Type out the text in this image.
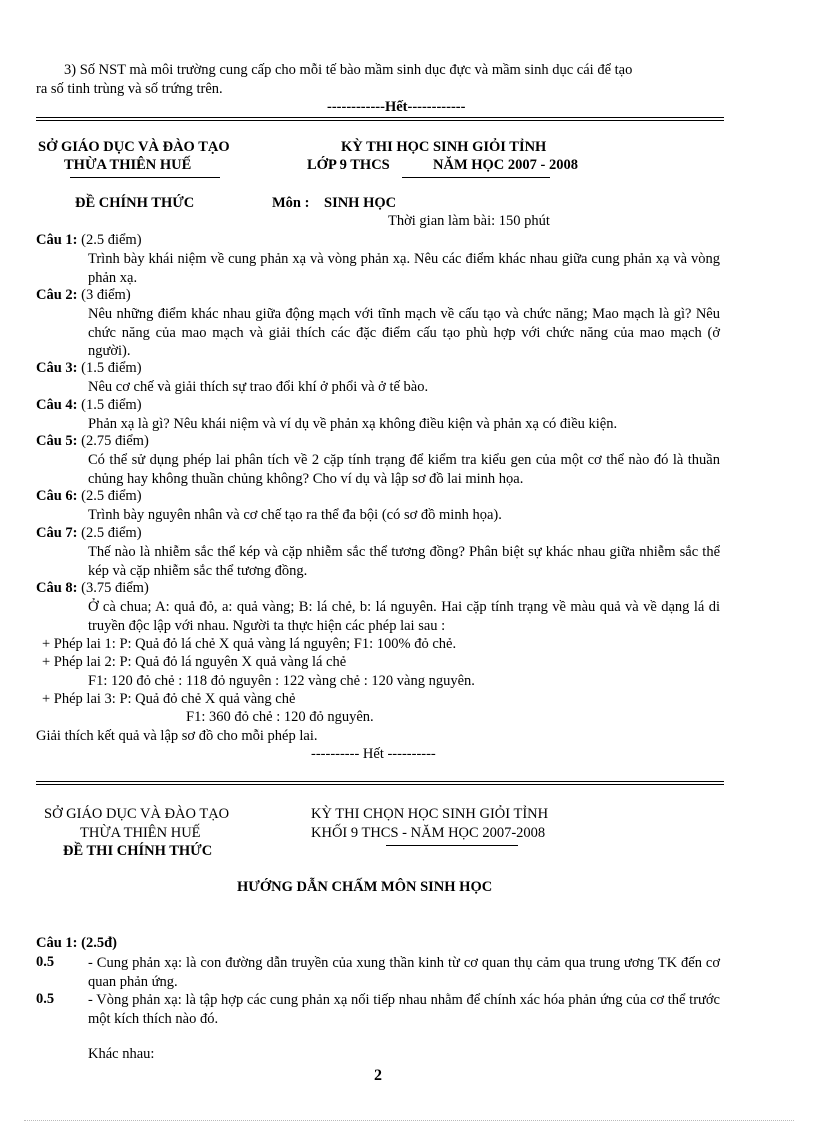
3) Số NST mà môi trường cung cấp cho mỗi tế bào mầm sinh dục đực và mầm sinh dục cái để tạo
ra số tinh trùng và số trứng trên.
------------Hết------------
SỞ GIÁO DỤC VÀ ĐÀO TẠO
THỪA THIÊN HUẾ
KỲ THI HỌC SINH GIỎI TỈNH
LỚP 9 THCS	NĂM HỌC 2007 - 2008
ĐỀ CHÍNH THỨC	Môn : SINH HỌC
Thời gian làm bài: 150 phút
Câu 1: (2.5 điểm)
Trình bày khái niệm về cung phản xạ và vòng phản xạ. Nêu các điểm khác nhau giữa cung phản xạ và vòng phản xạ.
Câu 2: (3 điểm)
Nêu những điểm khác nhau giữa động mạch với tĩnh mạch về cấu tạo và chức năng; Mao mạch là gì? Nêu chức năng của mao mạch và giải thích các đặc điểm cấu tạo phù hợp với chức năng của mao mạch (ở người).
Câu 3: (1.5 điểm)
Nêu cơ chế và giải thích sự trao đổi khí ở phổi và ở tế bào.
Câu 4: (1.5 điểm)
Phản xạ là gì? Nêu khái niệm và ví dụ về phản xạ không điều kiện và phản xạ có điều kiện.
Câu 5: (2.75 điểm)
Có thể sử dụng phép lai phân tích về 2 cặp tính trạng để kiểm tra kiểu gen của một cơ thể nào đó là thuần chủng hay không thuần chủng không? Cho ví dụ và lập sơ đồ lai minh họa.
Câu 6: (2.5 điểm)
Trình bày nguyên nhân và cơ chế tạo ra thể đa bội (có sơ đồ minh họa).
Câu 7: (2.5 điểm)
Thế nào là nhiễm sắc thể kép và cặp nhiễm sắc thể tương đồng? Phân biệt sự khác nhau giữa nhiễm sắc thể kép và cặp nhiễm sắc thể tương đồng.
Câu 8: (3.75 điểm)
Ở cà chua; A: quả đỏ, a: quả vàng; B: lá chẻ, b: lá nguyên. Hai cặp tính trạng về màu quả và về dạng lá di truyền độc lập với nhau. Người ta thực hiện các phép lai sau :
+ Phép lai 1: P: Quả đỏ lá chẻ X quả vàng lá nguyên; F1: 100% đỏ chẻ.
+ Phép lai 2: P: Quả đỏ lá nguyên X quả vàng lá chẻ
F1: 120 đỏ chẻ : 118 đỏ nguyên : 122 vàng chẻ : 120 vàng nguyên.
+ Phép lai 3: P: Quả đỏ chẻ X quả vàng chẻ
F1: 360 đỏ chẻ : 120 đỏ nguyên.
Giải thích kết quả và lập sơ đồ cho mỗi phép lai.
---------- Hết ----------
SỞ GIÁO DỤC VÀ ĐÀO TẠO
THỪA THIÊN HUẾ
ĐỀ THI CHÍNH THỨC
KỲ THI CHỌN HỌC SINH GIỎI TỈNH
KHỐI 9 THCS - NĂM HỌC 2007-2008
HƯỚNG DẪN CHẤM MÔN SINH HỌC
Câu 1: (2.5đ)
0.5 - Cung phản xạ: là con đường dẫn truyền của xung thần kinh từ cơ quan thụ cảm qua trung ương TK đến cơ quan phản ứng.
0.5 - Vòng phản xạ: là tập hợp các cung phản xạ nối tiếp nhau nhằm để chính xác hóa phản ứng của cơ thể trước một kích thích nào đó.
Khác nhau:
2
